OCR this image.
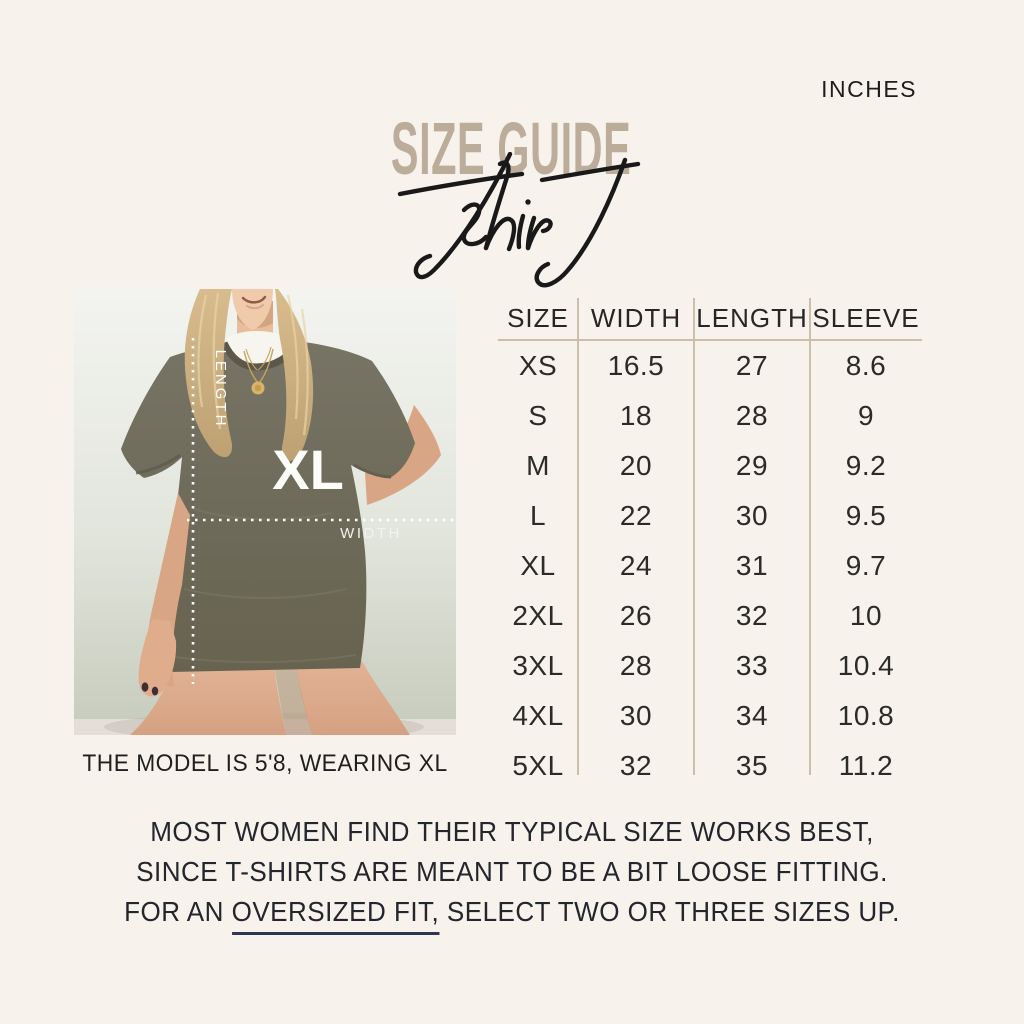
INCHES
SIZE GUIDE
XL
LENGTH
WIDTH
THE MODEL IS 5'8, WEARING XL
SIZE WIDTH LENGTH SLEEVE
XS	16.5	27	8.6
S	18	28	9
M	20	29	9.2
L	22	30	9.5
XL	24	31	9.7
2XL	26	32	10
3XL	28	33	10.4
4XL	30	34	10.8
5XL	32	35	11.2
MOST WOMEN FIND THEIR TYPICAL SIZE WORKS BEST,
SINCE T-SHIRTS ARE MEANT TO BE A BIT LOOSE FITTING.
FOR AN OVERSIZED FIT, SELECT TWO OR THREE SIZES UP.
